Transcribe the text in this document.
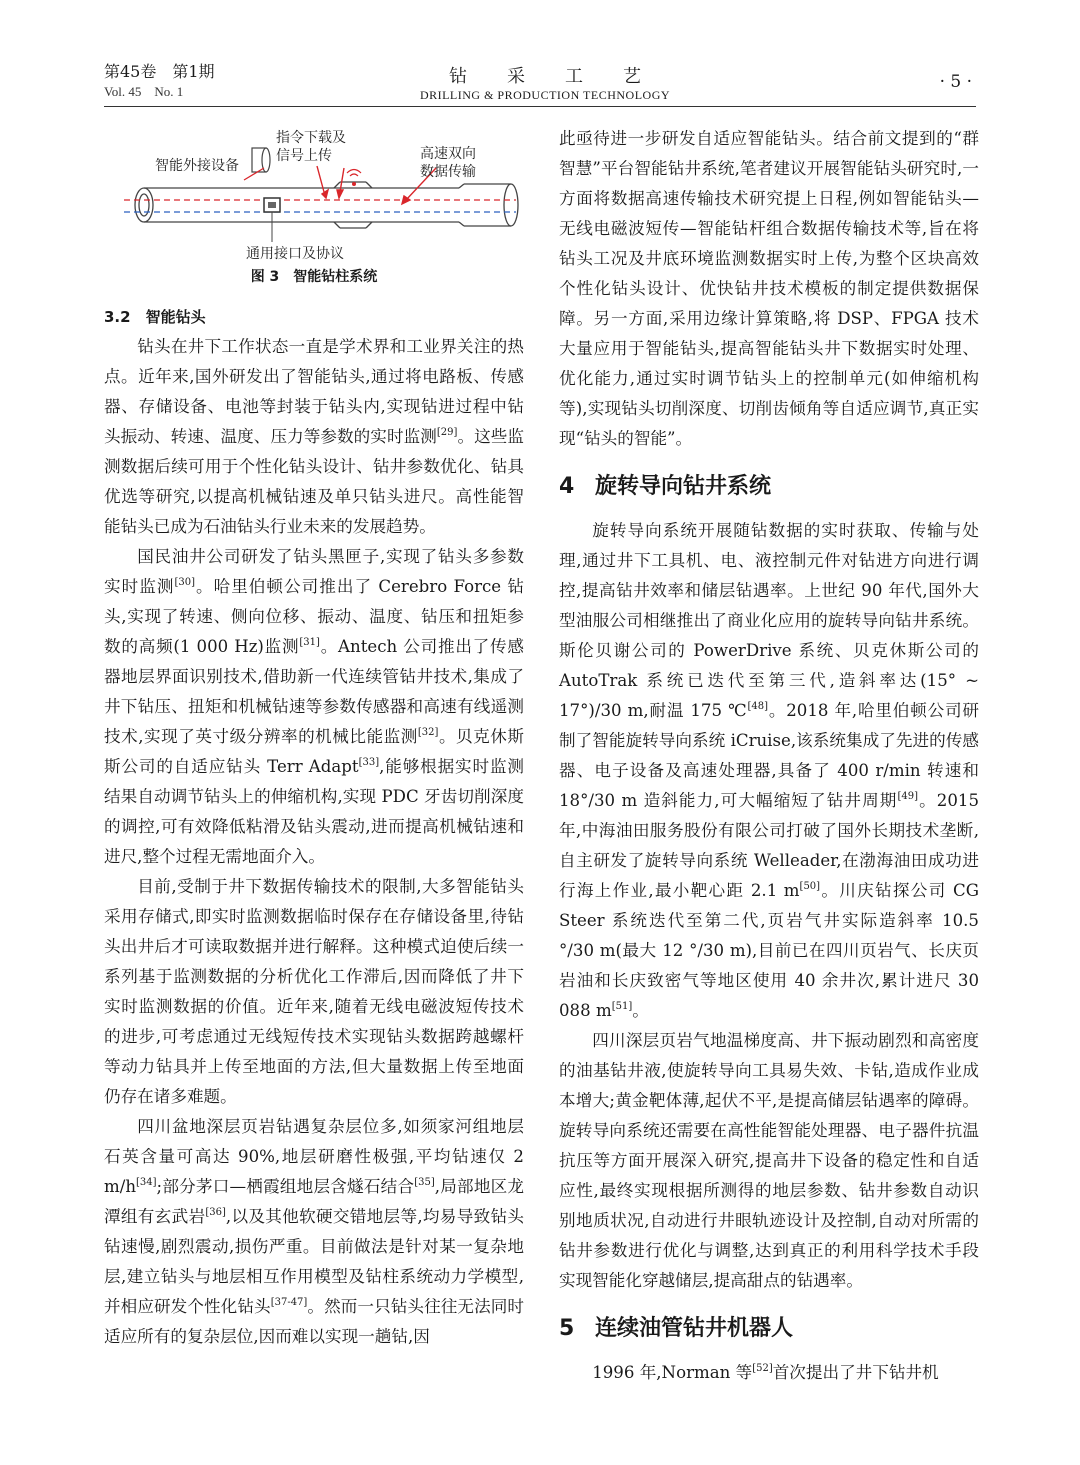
第45卷　第1期
Vol. 45　No. 1
钻采工艺
DRILLING & PRODUCTION TECHNOLOGY
· 5 ·
智能外接设备
指令下载及
信号上传	高速双向
数据传输
通用接口及协议
图 3　智能钻柱系统
3.2　智能钻头

钻头在井下工作状态一直是学术界和工业界关注的热点。近年来,国外研发出了智能钻头,通过将电路板、传感器、存储设备、电池等封装于钻头内,实现钻进过程中钻头振动、转速、温度、压力等参数的实时监测[29]。这些监测数据后续可用于个性化钻头设计、钻井参数优化、钻具优选等研究,以提高机械钻速及单只钻头进尺。高性能智能钻头已成为石油钻头行业未来的发展趋势。

国民油井公司研发了钻头黑匣子,实现了钻头多参数实时监测[30]。哈里伯顿公司推出了 Cerebro Force 钻头,实现了转速、侧向位移、振动、温度、钻压和扭矩参数的高频(1 000 Hz)监测[31]。Antech 公司推出了传感器地层界面识别技术,借助新一代连续管钻井技术,集成了井下钻压、扭矩和机械钻速等参数传感器和高速有线遥测技术,实现了英寸级分辨率的机械比能监测[32]。贝克休斯斯公司的自适应钻头 Terr Adapt[33],能够根据实时监测结果自动调节钻头上的伸缩机构,实现 PDC 牙齿切削深度的调控,可有效降低粘滑及钻头震动,进而提高机械钻速和进尺,整个过程无需地面介入。

目前,受制于井下数据传输技术的限制,大多智能钻头采用存储式,即实时监测数据临时保存在存储设备里,待钻头出井后才可读取数据并进行解释。这种模式迫使后续一系列基于监测数据的分析优化工作滞后,因而降低了井下实时监测数据的价值。近年来,随着无线电磁波短传技术的进步,可考虑通过无线短传技术实现钻头数据跨越螺杆等动力钻具并上传至地面的方法,但大量数据上传至地面仍存在诸多难题。

四川盆地深层页岩钻遇复杂层位多,如须家河组地层石英含量可高达 90%,地层研磨性极强,平均钻速仅 2 m/h[34];部分茅口—栖霞组地层含燧石结合[35],局部地区龙潭组有玄武岩[36],以及其他软硬交错地层等,均易导致钻头钻速慢,剧烈震动,损伤严重。目前做法是针对某一复杂地层,建立钻头与地层相互作用模型及钻柱系统动力学模型,并相应研发个性化钻头[37-47]。然而一只钻头往往无法同时适应所有的复杂层位,因而难以实现一趟钻,因

此亟待进一步研发自适应智能钻头。结合前文提到的“群智慧”平台智能钻井系统,笔者建议开展智能钻头研究时,一方面将数据高速传输技术研究提上日程,例如智能钻头—无线电磁波短传—智能钻杆组合数据传输技术等,旨在将钻头工况及井底环境监测数据实时上传,为整个区块高效个性化钻头设计、优快钻井技术模板的制定提供数据保障。另一方面,采用边缘计算策略,将 DSP、FPGA 技术大量应用于智能钻头,提高智能钻头井下数据实时处理、优化能力,通过实时调节钻头上的控制单元(如伸缩机构等),实现钻头切削深度、切削齿倾角等自适应调节,真正实现“钻头的智能”。

4 旋转导向钻井系统

旋转导向系统开展随钻数据的实时获取、传输与处理,通过井下工具机、电、液控制元件对钻进方向进行调控,提高钻井效率和储层钻遇率。上世纪 90 年代,国外大型油服公司相继推出了商业化应用的旋转导向钻井系统。斯伦贝谢公司的 PowerDrive 系统、贝克休斯公司的 AutoTrak 系统已迭代至第三代,造斜率达(15° ~ 17°)/30 m,耐温 175 ℃[48]。2018 年,哈里伯顿公司研制了智能旋转导向系统 iCruise,该系统集成了先进的传感器、电子设备及高速处理器,具备了 400 r/min 转速和 18°/30 m 造斜能力,可大幅缩短了钻井周期[49]。2015 年,中海油田服务股份有限公司打破了国外长期技术垄断,自主研发了旋转导向系统 Welleader,在渤海油田成功进行海上作业,最小靶心距 2.1 m[50]。川庆钻探公司 CG Steer 系统迭代至第二代,页岩气井实际造斜率 10.5 °/30 m(最大 12 °/30 m),目前已在四川页岩气、长庆页岩油和长庆致密气等地区使用 40 余井次,累计进尺 30 088 m[51]。

四川深层页岩气地温梯度高、井下振动剧烈和高密度的油基钻井液,使旋转导向工具易失效、卡钻,造成作业成本增大;黄金靶体薄,起伏不平,是提高储层钻遇率的障碍。旋转导向系统还需要在高性能智能处理器、电子器件抗温抗压等方面开展深入研究,提高井下设备的稳定性和自适应性,最终实现根据所测得的地层参数、钻井参数自动识别地质状况,自动进行井眼轨迹设计及控制,自动对所需的钻井参数进行优化与调整,达到真正的利用科学技术手段实现智能化穿越储层,提高甜点的钻遇率。

5 连续油管钻井机器人

1996 年,Norman 等[52]首次提出了井下钻井机
